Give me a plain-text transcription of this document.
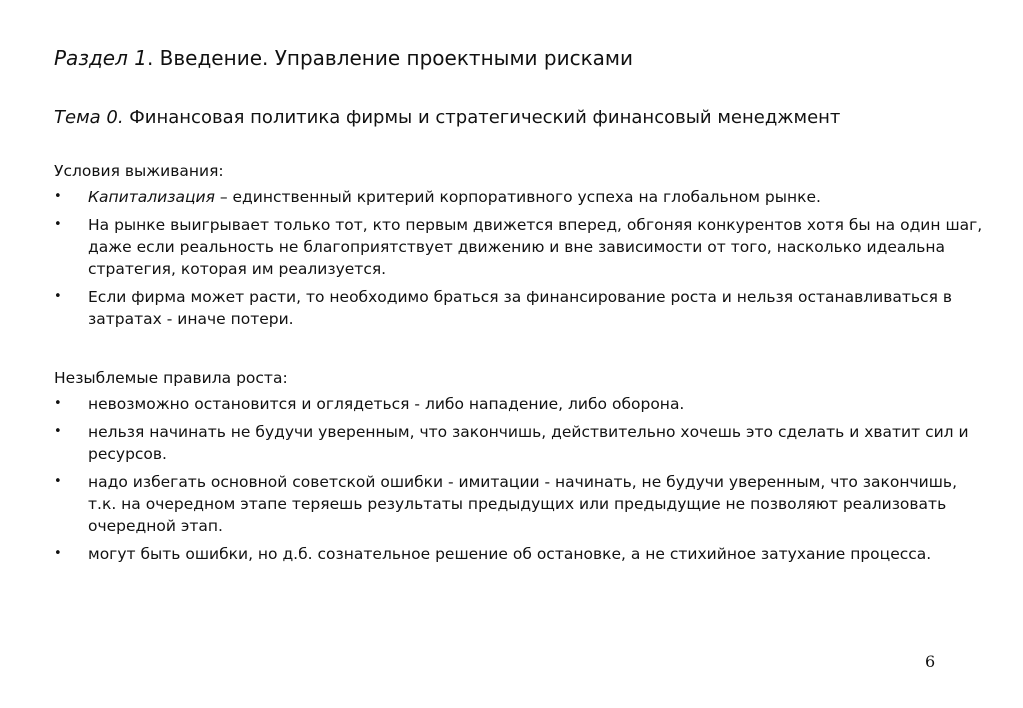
Раздел 1. Введение. Управление проектными рисками
Тема 0. Финансовая политика фирмы и стратегический финансовый менеджмент
Условия выживания:
• Капитализация – единственный критерий корпоративного успеха на глобальном рынке.
• На рынке выигрывает только тот, кто первым движется вперед, обгоняя конкурентов хотя бы на один шаг, даже если реальность не благоприятствует движению и вне зависимости от того, насколько идеальна стратегия, которая им реализуется.
• Если фирма может расти, то необходимо браться за финансирование роста и нельзя останавливаться в затратах - иначе потери.
Незыблемые правила роста:
• невозможно остановится и оглядеться - либо нападение, либо оборона.
• нельзя начинать не будучи уверенным, что закончишь, действительно хочешь это сделать и хватит сил и ресурсов.
• надо избегать основной советской ошибки - имитации - начинать, не будучи уверенным, что закончишь, т.к. на очередном этапе теряешь результаты предыдущих или предыдущие не позволяют реализовать очередной этап.
• могут быть ошибки, но д.б. сознательное решение об остановке, а не стихийное затухание процесса.
6
